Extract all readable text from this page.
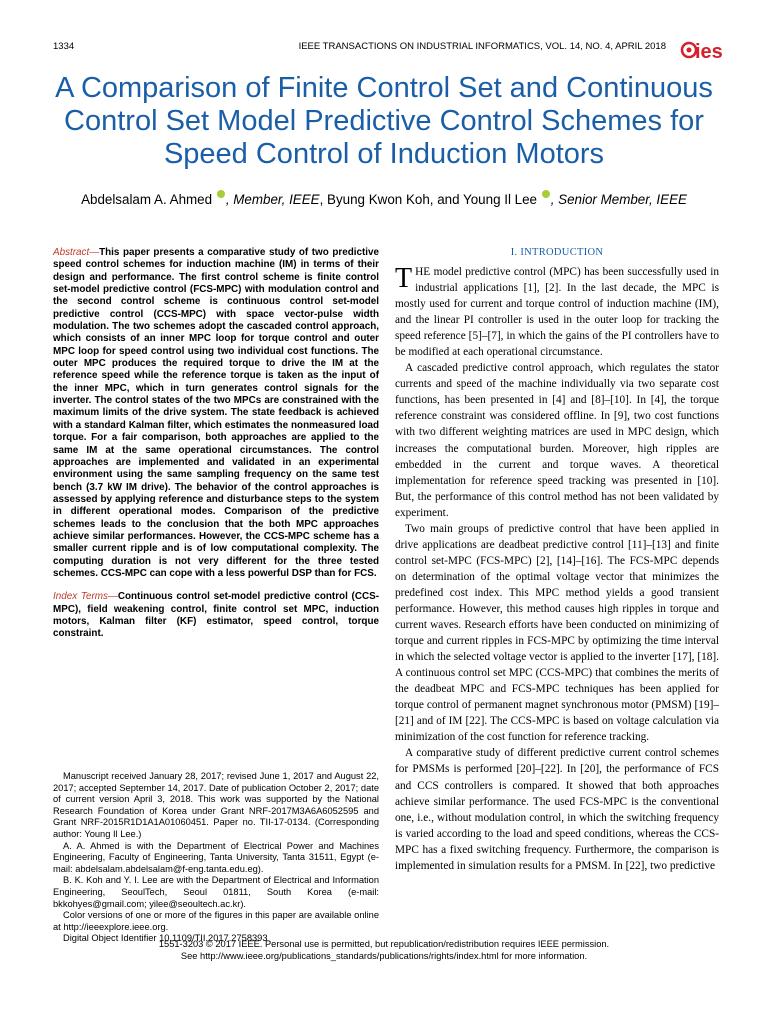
1334	IEEE TRANSACTIONS ON INDUSTRIAL INFORMATICS, VOL. 14, NO. 4, APRIL 2018 ies
A Comparison of Finite Control Set and Continuous Control Set Model Predictive Control Schemes for Speed Control of Induction Motors
Abdelsalam A. Ahmed , Member, IEEE, Byung Kwon Koh, and Young Il Lee , Senior Member, IEEE

Abstract—This paper presents a comparative study of two predictive speed control schemes for induction machine (IM) in terms of their design and performance. The first control scheme is finite control set-model predictive control (FCS-MPC) with modulation control and the second control scheme is continuous control set-model predictive control (CCS-MPC) with space vector-pulse width modulation. The two schemes adopt the cascaded control approach, which consists of an inner MPC loop for torque control and outer MPC loop for speed control using two individual cost functions. The outer MPC produces the required torque to drive the IM at the reference speed while the reference torque is taken as the input of the inner MPC, which in turn generates control signals for the inverter. The control states of the two MPCs are constrained with the maximum limits of the drive system. The state feedback is achieved with a standard Kalman filter, which estimates the nonmeasured load torque. For a fair comparison, both approaches are applied to the same IM at the same operational circumstances. The control approaches are implemented and validated in an experimental environment using the same sampling frequency on the same test bench (3.7 kW IM drive). The behavior of the control approaches is assessed by applying reference and disturbance steps to the system in different operational modes. Comparison of the predictive schemes leads to the conclusion that the both MPC approaches achieve similar performances. However, the CCS-MPC scheme has a smaller current ripple and is of low computational complexity. The computing duration is not very different for the three tested schemes. CCS-MPC can cope with a less powerful DSP than for FCS.

Index Terms—Continuous control set-model predictive control (CCS-MPC), field weakening control, finite control set MPC, induction motors, Kalman filter (KF) estimator, speed control, torque constraint.

Manuscript received January 28, 2017; revised June 1, 2017 and August 22, 2017; accepted September 14, 2017. Date of publication October 2, 2017; date of current version April 3, 2018. This work was supported by the National Research Foundation of Korea under Grant NRF-2017M3A6A6052595 and Grant NRF-2015R1D1A1A01060451. Paper no. TII-17-0134. (Corresponding author: Young Il Lee.)

A. A. Ahmed is with the Department of Electrical Power and Machines Engineering, Faculty of Engineering, Tanta University, Tanta 31511, Egypt (e-mail: abdelsalam.abdelsalam@f-eng.tanta.edu.eg).

B. K. Koh and Y. I. Lee are with the Department of Electrical and Information Engineering, SeoulTech, Seoul 01811, South Korea (e-mail: bkkohyes@gmail.com; yilee@seoultech.ac.kr).

Color versions of one or more of the figures in this paper are available online at http://ieeexplore.ieee.org.

Digital Object Identifier 10.1109/TII.2017.2758393

I. INTRODUCTION

THE model predictive control (MPC) has been successfully used in industrial applications [1], [2]. In the last decade, the MPC is mostly used for current and torque control of induction machine (IM), and the linear PI controller is used in the outer loop for tracking the speed reference [5]–[7], in which the gains of the PI controllers have to be modified at each operational circumstance.

A cascaded predictive control approach, which regulates the stator currents and speed of the machine individually via two separate cost functions, has been presented in [4] and [8]–[10]. In [4], the torque reference constraint was considered offline. In [9], two cost functions with two different weighting matrices are used in MPC design, which increases the computational burden. Moreover, high ripples are embedded in the current and torque waves. A theoretical implementation for reference speed tracking was presented in [10]. But, the performance of this control method has not been validated by experiment.

Two main groups of predictive control that have been applied in drive applications are deadbeat predictive control [11]–[13] and finite control set-MPC (FCS-MPC) [2], [14]–[16]. The FCS-MPC depends on determination of the optimal voltage vector that minimizes the predefined cost index. This MPC method yields a good transient performance. However, this method causes high ripples in torque and current waves. Research efforts have been conducted on minimizing of torque and current ripples in FCS-MPC by optimizing the time interval in which the selected voltage vector is applied to the inverter [17], [18]. A continuous control set MPC (CCS-MPC) that combines the merits of the deadbeat MPC and FCS-MPC techniques has been applied for torque control of permanent magnet synchronous motor (PMSM) [19]–[21] and of IM [22]. The CCS-MPC is based on voltage calculation via minimization of the cost function for reference tracking.

A comparative study of different predictive current control schemes for PMSMs is performed [20]–[22]. In [20], the performance of FCS and CCS controllers is compared. It showed that both approaches achieve similar performance. The used FCS-MPC is the conventional one, i.e., without modulation control, in which the switching frequency is varied according to the load and speed conditions, whereas the CCS-MPC has a fixed switching frequency. Furthermore, the comparison is implemented in simulation results for a PMSM. In [22], two predictive

1551-3203 © 2017 IEEE. Personal use is permitted, but republication/redistribution requires IEEE permission.
See http://www.ieee.org/publications_standards/publications/rights/index.html for more information.
